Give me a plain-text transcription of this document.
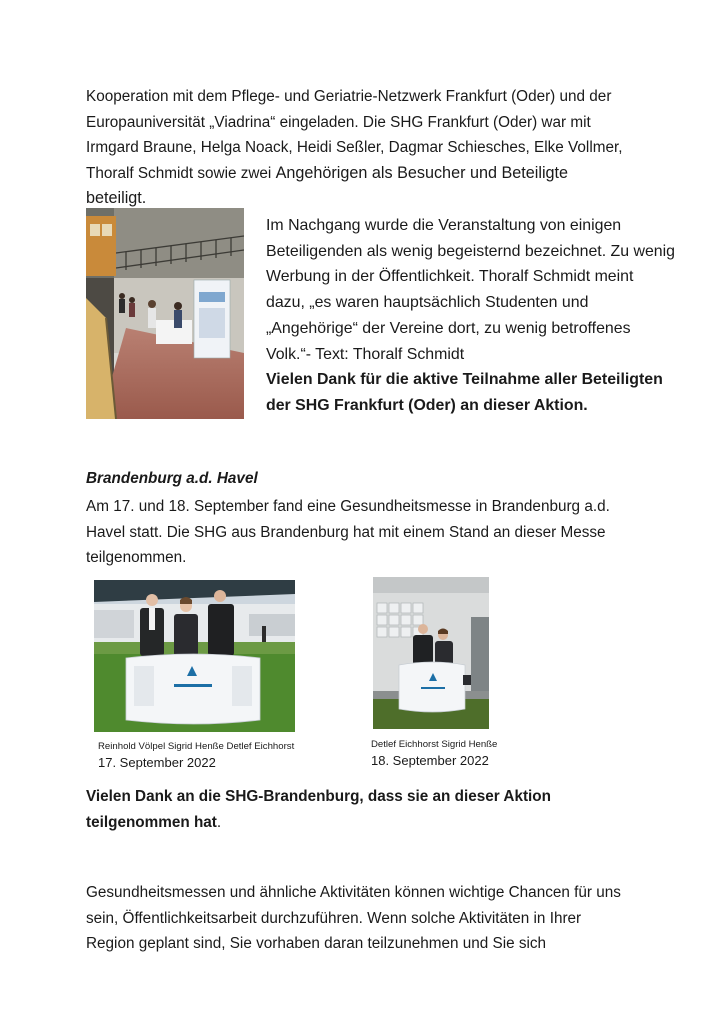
Kooperation mit dem Pflege- und Geriatrie-Netzwerk Frankfurt (Oder) und der
Europauniversität „Viadrina“ eingeladen. Die SHG Frankfurt (Oder) war mit
Irmgard Braune, Helga Noack, Heidi Seßler, Dagmar Schiesches, Elke Vollmer,
Thoralf Schmidt sowie zwei Angehörigen als Besucher und Beteiligte
beteiligt.
Im Nachgang wurde die Veranstaltung von einigen
Beteiligenden als wenig begeisternd bezeichnet. Zu wenig
Werbung in der Öffentlichkeit. Thoralf Schmidt meint
dazu, „es waren hauptsächlich Studenten und
„Angehörige“ der Vereine dort, zu wenig betroffenes
Volk.“- Text: Thoralf Schmidt
Vielen Dank für die aktive Teilnahme aller Beteiligten
der SHG Frankfurt (Oder) an dieser Aktion.
Brandenburg a.d. Havel
Am 17. und 18. September fand eine Gesundheitsmesse in Brandenburg a.d.
Havel statt. Die SHG aus Brandenburg hat mit einem Stand an dieser Messe
teilgenommen.
Reinhold Völpel Sigrid Henße Detlef Eichhorst
17. September 2022
Detlef Eichhorst Sigrid Henße
18. September 2022
Vielen Dank an die SHG-Brandenburg, dass sie an dieser Aktion
teilgenommen hat.
Gesundheitsmessen und ähnliche Aktivitäten können wichtige Chancen für uns
sein, Öffentlichkeitsarbeit durchzuführen. Wenn solche Aktivitäten in Ihrer
Region geplant sind, Sie vorhaben daran teilzunehmen und Sie sich
